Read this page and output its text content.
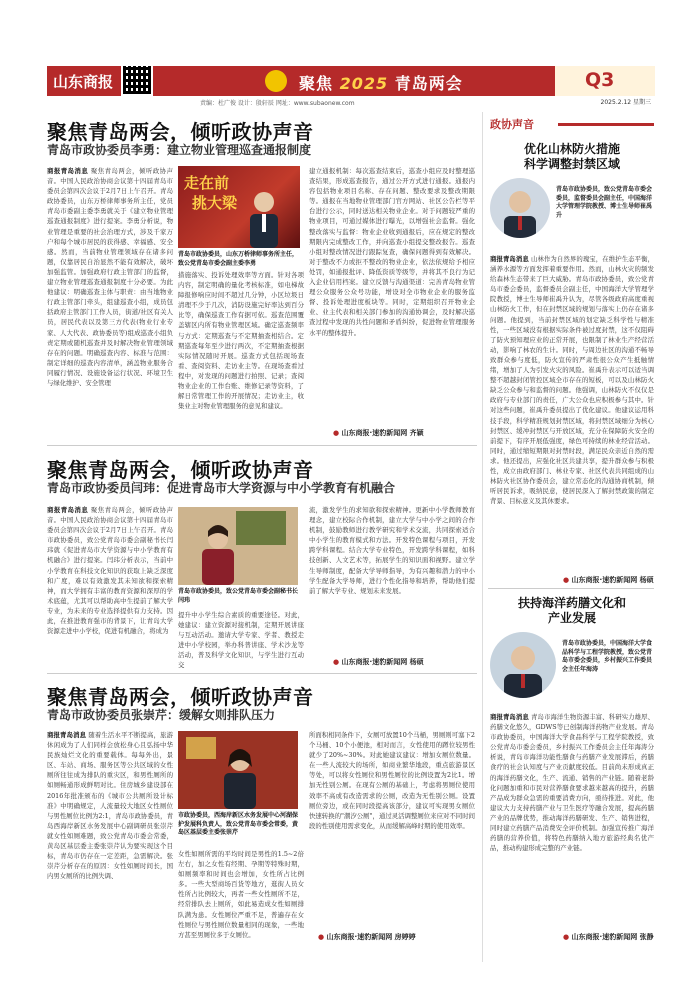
山东商报	聚焦 2025 青岛两会	Q3
2025.2.12 星期三
责编：杜广俊 设计：殷轩辰 网址：www.subaonew.com
聚焦青岛两会，倾听政协声音
青岛市政协委员李勇：建立物业管理巡查通报制度
商报青岛消息 聚焦青岛两会，倾听政协声音。中国人民政治协商会议第十四届青岛市委员会第四次会议于2月7日上午召开。青岛政协委员，山东万桥律师事务所主任，党员青岛市委副主委李勇就关于《建立物业管理巡查通报制度》进行提案。李勇分析说，物业管理是重要的社会治理方式，涉及千家万户和每个城市居民的获得感、幸福感、安全感。然而，当前物业管理领域存在诸多问题，仅靠居民自治显然不能有效解决，破坏加强监管。加强政府行政主管部门的监督，建立物业管理巡查通报制度十分必要。为此他建议：明确巡查主体与职责：由当地物业行政主管部门牵头，组建巡查小组，成员包括政府主管部门工作人员，街道/社区有关人员，居民代表以及第三方代表(物业行业专家、人大代表、政协委员等)组成巡查小组负责定期或随机巡查并及时解决物业管理领域存在的问题。明确巡查内容、标准与范围：制定详细的巡查内容清单，涵盖物业服务合同履行情况、设施设备运行状况、环境卫生与绿化维护、安全管理
走在前
挑大梁
青岛市政协委员，山东万桥律师事务所主任，致公党青岛市委会副主委李勇
措施落实、投诉处理效率等方面。针对各项内容，制定明确的量化考核标准，如电梯故障报修响应时间不超过几分钟，小区垃圾日清理不少于几次，消防设施完好率达到百分比等，确保巡查工作有据可依。巡查范围覆盖辖区内所有物业管理区域。确定巡查频率与方式：定期巡查与不定期抽查相结合。定期巡查每年至少进行两次，不定期抽查根据实际情况随时开展。巡查方式包括现场查看、查阅资料、走访业主等。在现场查看过程中，对发现的问题进行拍照、记录；查阅物业企业的工作台账、维修记录等资料，了解日常管理工作的开展情况；走访业主，收集业主对物业管理服务的意见和建议。
建立通报机制：每次巡查结束后，巡查小组应及时整理巡查结果，形成巡查报告，通过公开方式进行通报。通报内容包括物业项目名称、存在问题、整改要求及整改期限等。通报在当地物业管理部门官方网站、社区公告栏等平台进行公示，同时送达相关物业企业。对于问题较严重的物业项目，可通过媒体进行曝光，以增强社会监督。强化整改落实与监督：物业企业收到通报后，应在规定的整改期限内完成整改工作，并向巡查小组提交整改报告。巡查小组对整改情况进行跟踪复查，确保问题得到有效解决。对于整改不力或拒不整改的物业企业，依法依规给予相应处罚，如通报批评、降低资质等级等，并将其不良行为记入企业信用档案。建立反馈与沟通渠道：完善青岛物业管理公众服务公众号功能，增设对全市物业企业的服务监督、投诉处理进度板块等。同时，定期组织召开物业企业、业主代表和相关部门参加的沟通协调会，及时解决巡查过程中发现的共性问题和矛盾纠纷，促进物业管理服务水平的整体提升。
● 山东商报·速豹新闻网 齐颖
聚焦青岛两会，倾听政协声音
青岛市政协委员闫玮：促进青岛市大学资源与中小学教育有机融合
商报青岛消息 聚焦青岛两会，倾听政协声音。中国人民政治协商会议第十四届青岛市委员会第四次会议于2月7日上午召开。青岛市政协委员，致公党青岛市委会副秘书长闫玮就《促进青岛市大学资源与中小学教育有机融合》进行提案。闫玮分析表示，当前中小学教育在科技文化知识的获取上缺乏深度和广度，难以有效激发其未知欲和探索精神，而大学拥有丰富的教育资源和深厚的学术底蕴，尤其可以帮助高中生提前了解大学专业，为未来的专业选择提供有力支持。因此，在推进教育强市的背景下，让青岛大学资源走进中小学校，促进有机融合，将成为
青岛市政协委员，致公党青岛市委会副秘书长闫玮
提升中小学生综合素质的重要途径。对此，她建议：建立资源对接机制，定期开展讲座与互动活动。邀请大学专家、学者、教授走进中小学校园，举办科普讲座、学术沙龙等活动，普及科学文化知识，与学生进行互动交
流，激发学生的求知欲和探索精神。更新中小学教师教育理念，建立校际合作机制，建立大学与中小学之间的合作机制，鼓励教师进行教学研究和学术交流，共同探索适合中小学生的教育模式和方法。开发特色课程与项目，开发跨学科课程。结合大学专业特色，开发跨学科课程，如科技创新、人文艺术等，拓展学生的知识面和视野。建立学生导师制度，配备大学导师指导，为有兴趣和潜力的中小学生配备大学导师，进行个性化指导和培养，帮助他们提前了解大学专业、规划未来发展。
● 山东商报·速豹新闻网 杨硕
聚焦青岛两会，倾听政协声音
青岛市政协委员张崇芹：缓解女则排队压力
商报青岛消息 随着生活水平不断提高，旅游休闲成为了人们同样会放松身心且弘扬中华民族灿烂文化的重要载体。每每外出，景区、车站、商场、服务区等公共区域的女性厕所往往成为排队的重灾区，和男性厕所的如厕畅通形成鲜明对比。住房城乡建设部在2016年批准颁布的《城市公共厕所设计标准》中明确规定，人流量较大地区女性厕位与男性厕位比例为2:1，青岛市政协委员，青岛西海岸新区水务发展中心副调研员张崇芹就女性如厕难题，致公党青岛市委会常委，黄岛区基层委主委张崇芹认为要实现这个目标，青岛市仍存在一定差距，急需解决。张崇芹分析存在的原因：女性如厕时间长，国内男女厕所的比例失调、
市政协委员，西海岸新区水务发展中心河湖保护发展科负责人，致公党青岛市委会常委，黄岛区基层委主委张崇芹
女性如厕所需的平均时间是男性的1.5~2倍左右，加之女性有经期、孕期等特殊时期，如厕频率和时间也会增加，女性所占比例多。一些大型商场百货等地方，逛街人员女性所占比例较大，再者一些女性厕所不足，经常排队去上厕所，如此易造成女性如厕排队满为患。女性厕位严重不足，普遍存在女性厕位与男性厕位数量相同的现象，一些地方甚至男厕位多于女厕位。
所面积相同条件下，女厕可放置10个马桶，男厕则可塞下2个马桶、10个小便池，相对而言，女性使用的蹲位较男性就少了20%~30%。对此她建议建议：增加女厕位数量。在一些人流较大的场所，如商业繁华地段，重点旅游景区等处，可以将女性厕位和男性厕位的比例设置为2比1。增加无性别公厕。在现有公厕的基础上，考虑将男厕位使用效率不高或有改造需求的公厕，改造为无性别公厕。设置厕位旁边，或在同时段提高该部分，建议可实现男女厕位快速转换的"潮汐公厕"，通过灵活调整厕位来应对不同时间段的性别使用需求变化，从而缓解高峰时期的使用效率。
● 山东商报·速豹新闻网 房婷婷
政协声音
优化山林防火措施
科学调整封禁区域
青岛市政协委员，致公党青岛市委会委员，监督委员会副主任，中国海洋大学管理学院教授、博士生导师崔禹升
商报青岛消息 山林作为自然界的瑰宝，在维护生态平衡，涵养水源等方面发挥着重要作用。然而，山林火灾的频发给森林生态带来了巨大威胁。青岛市政协委员，致公党青岛市委会委员，监督委员会副主任，中国海洋大学管理学院教授，博士生导师崔禹升认为，尽管各级政府高度重视山林防火工作，但在封禁区域的规划与落实上仍存在诸多问题。他提到，当前封禁区域的划定缺乏科学性与精准性，一些区域没有根据实际条件被过度封禁，这不仅阻碍了防火预知理应业的正常开展，也限制了林业生产经营活动，影响了林农的生计。同时，与周边社区的沟通不畅导致群众参与度低，防火宣传的严肃性很公众产生抵触情绪，增加了人为引发火灾的风险。崔禹升表示可以适当调整不超越封闭管控区域全市存在的短板，可以及山林防火缺乏公众参与和监督的问题。他强调，山林防火不仅仅是政府与专业部门的责任，广大公众也应积极参与其中。针对这些问题，崔禹升委员提出了优化建议。他建议运用科技手段，科学精准规划封禁区域，将封禁区域细分为核心封禁区、缓冲封禁区与开放区域，充分在保障防火安全的前提下，有序开展低强度，绿色可持续的林业经营活动。同时，通过缩短期限对封禁时段，满足民众亲近自然的需求。他还提出，应强化社区共建共享，提升群众参与积极性，成立由政府部门、林业专家、社区代表共同组成的山林防火社区协作委员会，建立常态化的沟通协商机制，倾听居民诉求，吸纳民意，使居民深入了解封禁政策的制定背景、目标意义及其休要求。
● 山东商报·速豹新闻网 杨硕
扶持海洋药膳文化和
产业发展
青岛市政协委员，中国海洋大学食品科学与工程学院教授，致公党青岛市委会委员，乡村振兴工作委员会主任年海涛
商报青岛消息 青岛市海洋生物资源丰富、科研实力雄厚、药膳文化悠久，GDWS等已创制海洋药物产业发展。青岛市政协委员，中国海洋大学食品科学与工程学院教授，致公党青岛市委会委员，乡村振兴工作委员会主任年海涛分析说，青岛市海洋功能性膳食与药膳产业发展滞后，药膳食疗的社会认知度与产业贡献度较低。目前尚未形成真正的海洋药膳文化，生产、流通、销售的产业链。随着老龄化问题加重和市民对营养膳食要求越来越高的提升，药膳产品成为群众急需的重要消费方向，亟待推进。对此，他建议大力支持药膳产业与卫生医疗等融合发展，提高药膳产业的品牌优势，推动海洋药膳研发、生产、销售进程，同时建立药膳产品消费安全评价机制。加强宣传推广海洋药膳的营养价值，将特色药膳纳入地方旅游经典名优产品，推动构建形成完整的产业链。
● 山东商报·速豹新闻网 张静
